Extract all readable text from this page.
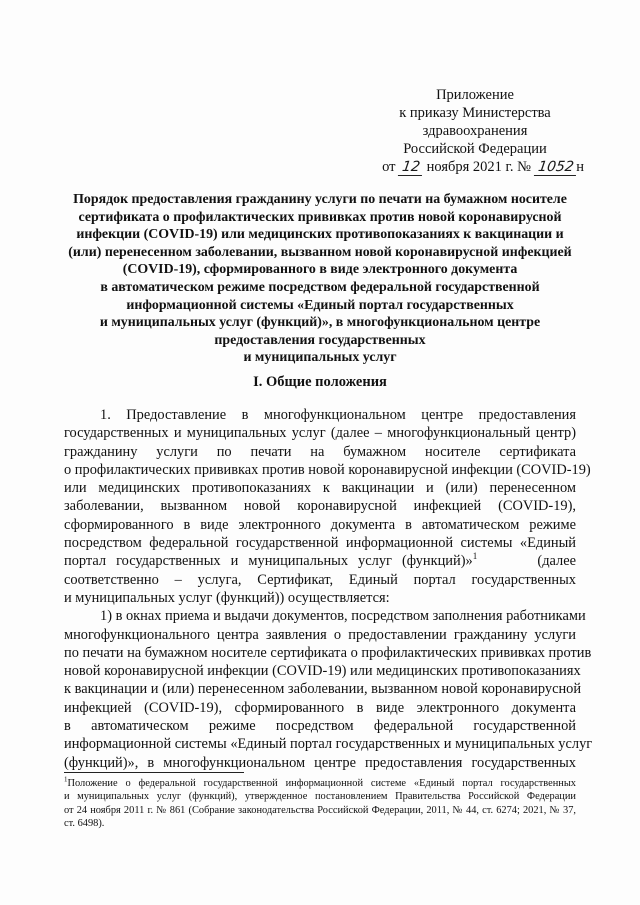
Приложение
к приказу Министерства
здравоохранения
Российской Федерации
от 12 ноября 2021 г. № 1052 н
Порядок предоставления гражданину услуги по печати на бумажном носителе
сертификата о профилактических прививках против новой коронавирусной
инфекции (COVID-19) или медицинских противопоказаниях к вакцинации и
(или) перенесенном заболевании, вызванном новой коронавирусной инфекцией
(COVID-19), сформированного в виде электронного документа
в автоматическом режиме посредством федеральной государственной
информационной системы «Единый портал государственных
и муниципальных услуг (функций)», в многофункциональном центре
предоставления государственных
и муниципальных услуг
I. Общие положения
1. Предоставление в многофункциональном центре предоставления
государственных и муниципальных услуг (далее – многофункциональный центр)
гражданину услуги по печати на бумажном носителе сертификата
о профилактических прививках против новой коронавирусной инфекции (COVID-19)
или медицинских противопоказаниях к вакцинации и (или) перенесенном
заболевании, вызванном новой коронавирусной инфекцией (COVID-19),
сформированного в виде электронного документа в автоматическом режиме
посредством федеральной государственной информационной системы «Единый
портал государственных и муниципальных услуг (функций)»$^1$	(далее
соответственно – услуга, Сертификат, Единый портал государственных
и муниципальных услуг (функций)) осуществляется:
1) в окнах приема и выдачи документов, посредством заполнения работниками
многофункционального центра заявления о предоставлении гражданину услуги
по печати на бумажном носителе сертификата о профилактических прививках против
новой коронавирусной инфекции (COVID-19) или медицинских противопоказаниях
к вакцинации и (или) перенесенном заболевании, вызванном новой коронавирусной
инфекцией (COVID-19), сформированного в виде электронного документа
в автоматическом режиме посредством федеральной государственной
информационной системы «Единый портал государственных и муниципальных услуг
(функций)», в многофункциональном центре предоставления государственных
$^1$Положение о федеральной государственной информационной системе «Единый портал государственных
и муниципальных услуг (функций), утвержденное постановлением Правительства Российской Федерации
от 24 ноября 2011 г. № 861 (Собрание законодательства Российской Федерации, 2011, № 44, ст. 6274; 2021, № 37,
ст. 6498).
